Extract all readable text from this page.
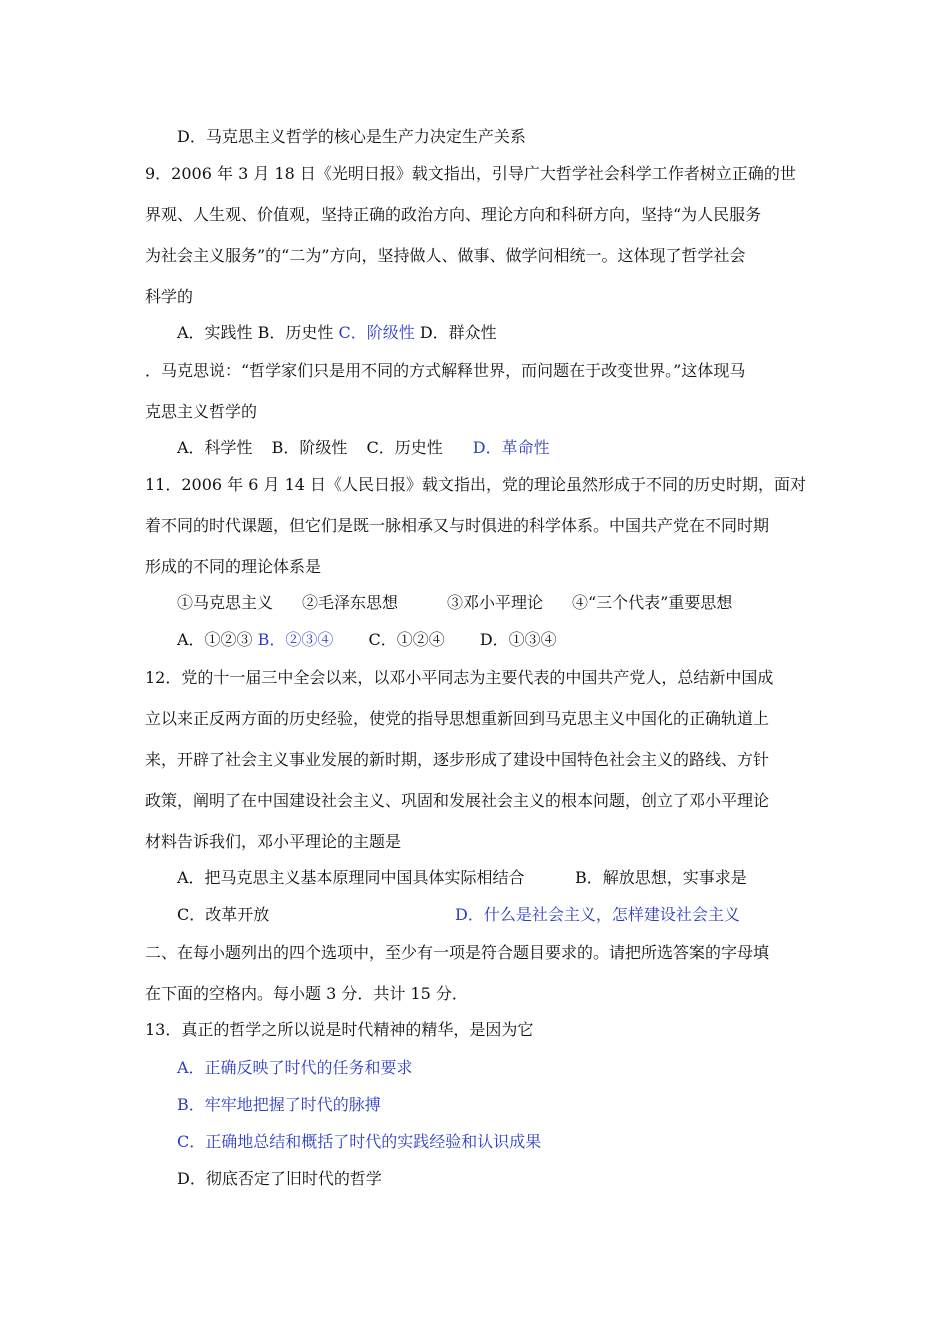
D．马克思主义哲学的核心是生产力决定生产关系
9．2006 年 3 月 18 日《光明日报》载文指出，引导广大哲学社会科学工作者树立正确的世
界观、人生观、价值观，坚持正确的政治方向、理论方向和科研方向，坚持“为人民服务
为社会主义服务”的“二为”方向，坚持做人、做事、做学问相统一。这体现了哲学社会
科学的
A．实践性 B．历史性 C．阶级性 D．群众性
．马克思说：“哲学家们只是用不同的方式解释世界，而问题在于改变世界。”这体现马
克思主义哲学的
A．科学性 B．阶级性 C．历史性 D．革命性
11．2006 年 6 月 14 日《人民日报》载文指出，党的理论虽然形成于不同的历史时期，面对
着不同的时代课题，但它们是既一脉相承又与时俱进的科学体系。中国共产党在不同时期
形成的不同的理论体系是
①马克思主义 ②毛泽东思想	③邓小平理论 ④“三个代表”重要思想
A．①②③ B．②③④ C．①②④ D．①③④
12．党的十一届三中全会以来，以邓小平同志为主要代表的中国共产党人，总结新中国成
立以来正反两方面的历史经验，使党的指导思想重新回到马克思主义中国化的正确轨道上
来，开辟了社会主义事业发展的新时期，逐步形成了建设中国特色社会主义的路线、方针
政策，阐明了在中国建设社会主义、巩固和发展社会主义的根本问题，创立了邓小平理论
材料告诉我们，邓小平理论的主题是
A．把马克思主义基本原理同中国具体实际相结合	B．解放思想，实事求是
C．改革开放	D．什么是社会主义，怎样建设社会主义
二、在每小题列出的四个选项中，至少有一项是符合题目要求的。请把所选答案的字母填
在下面的空格内。每小题 3 分．共计 15 分．
13．真正的哲学之所以说是时代精神的精华，是因为它
A．正确反映了时代的任务和要求
B．牢牢地把握了时代的脉搏
C．正确地总结和概括了时代的实践经验和认识成果
D．彻底否定了旧时代的哲学
